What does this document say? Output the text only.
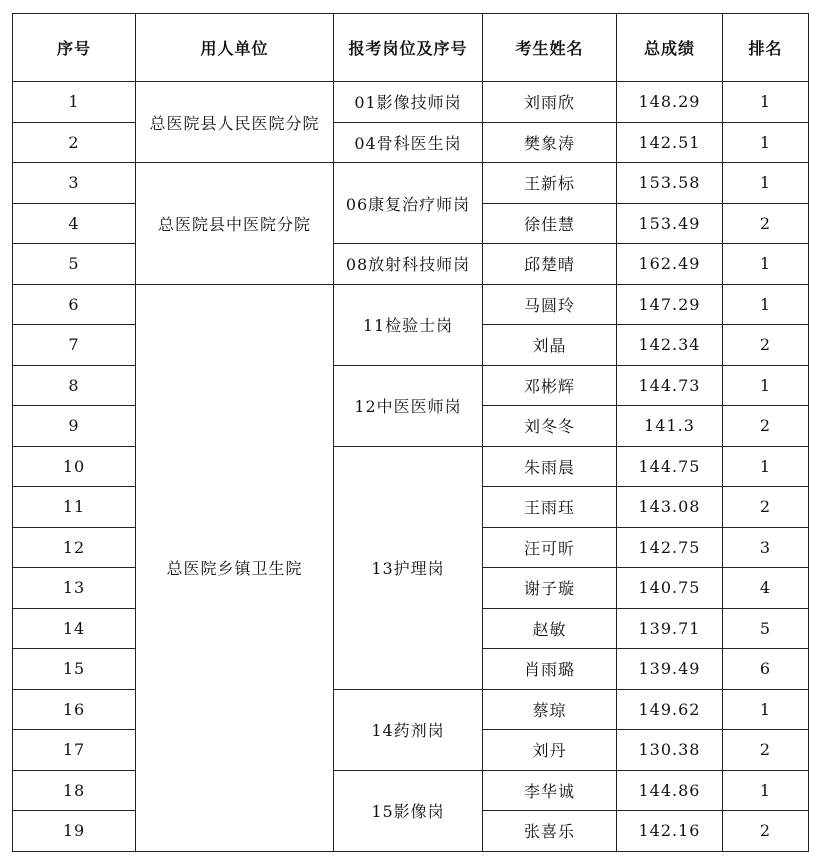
序号	用人单位	报考岗位及序号	考生姓名	总成绩	排名
1	总医院县人民医院分院	01影像技师岗	刘雨欣	148.29	1
2		04骨科医生岗	樊象涛	142.51	1
3	总医院县中医院分院	06康复治疗师岗	王新标	153.58	1
4			徐佳慧	153.49	2
5		08放射科技师岗	邱楚晴	162.49	1
6	总医院乡镇卫生院	11检验士岗	马圆玲	147.29	1
7			刘晶	142.34	2
8		12中医医师岗	邓彬辉	144.73	1
9			刘冬冬	141.3	2
10		13护理岗	朱雨晨	144.75	1
11			王雨珏	143.08	2
12			汪可昕	142.75	3
13			谢子璇	140.75	4
14			赵敏	139.71	5
15			肖雨璐	139.49	6
16		14药剂岗	蔡琼	149.62	1
17			刘丹	130.38	2
18		15影像岗	李华诚	144.86	1
19			张喜乐	142.16	2
